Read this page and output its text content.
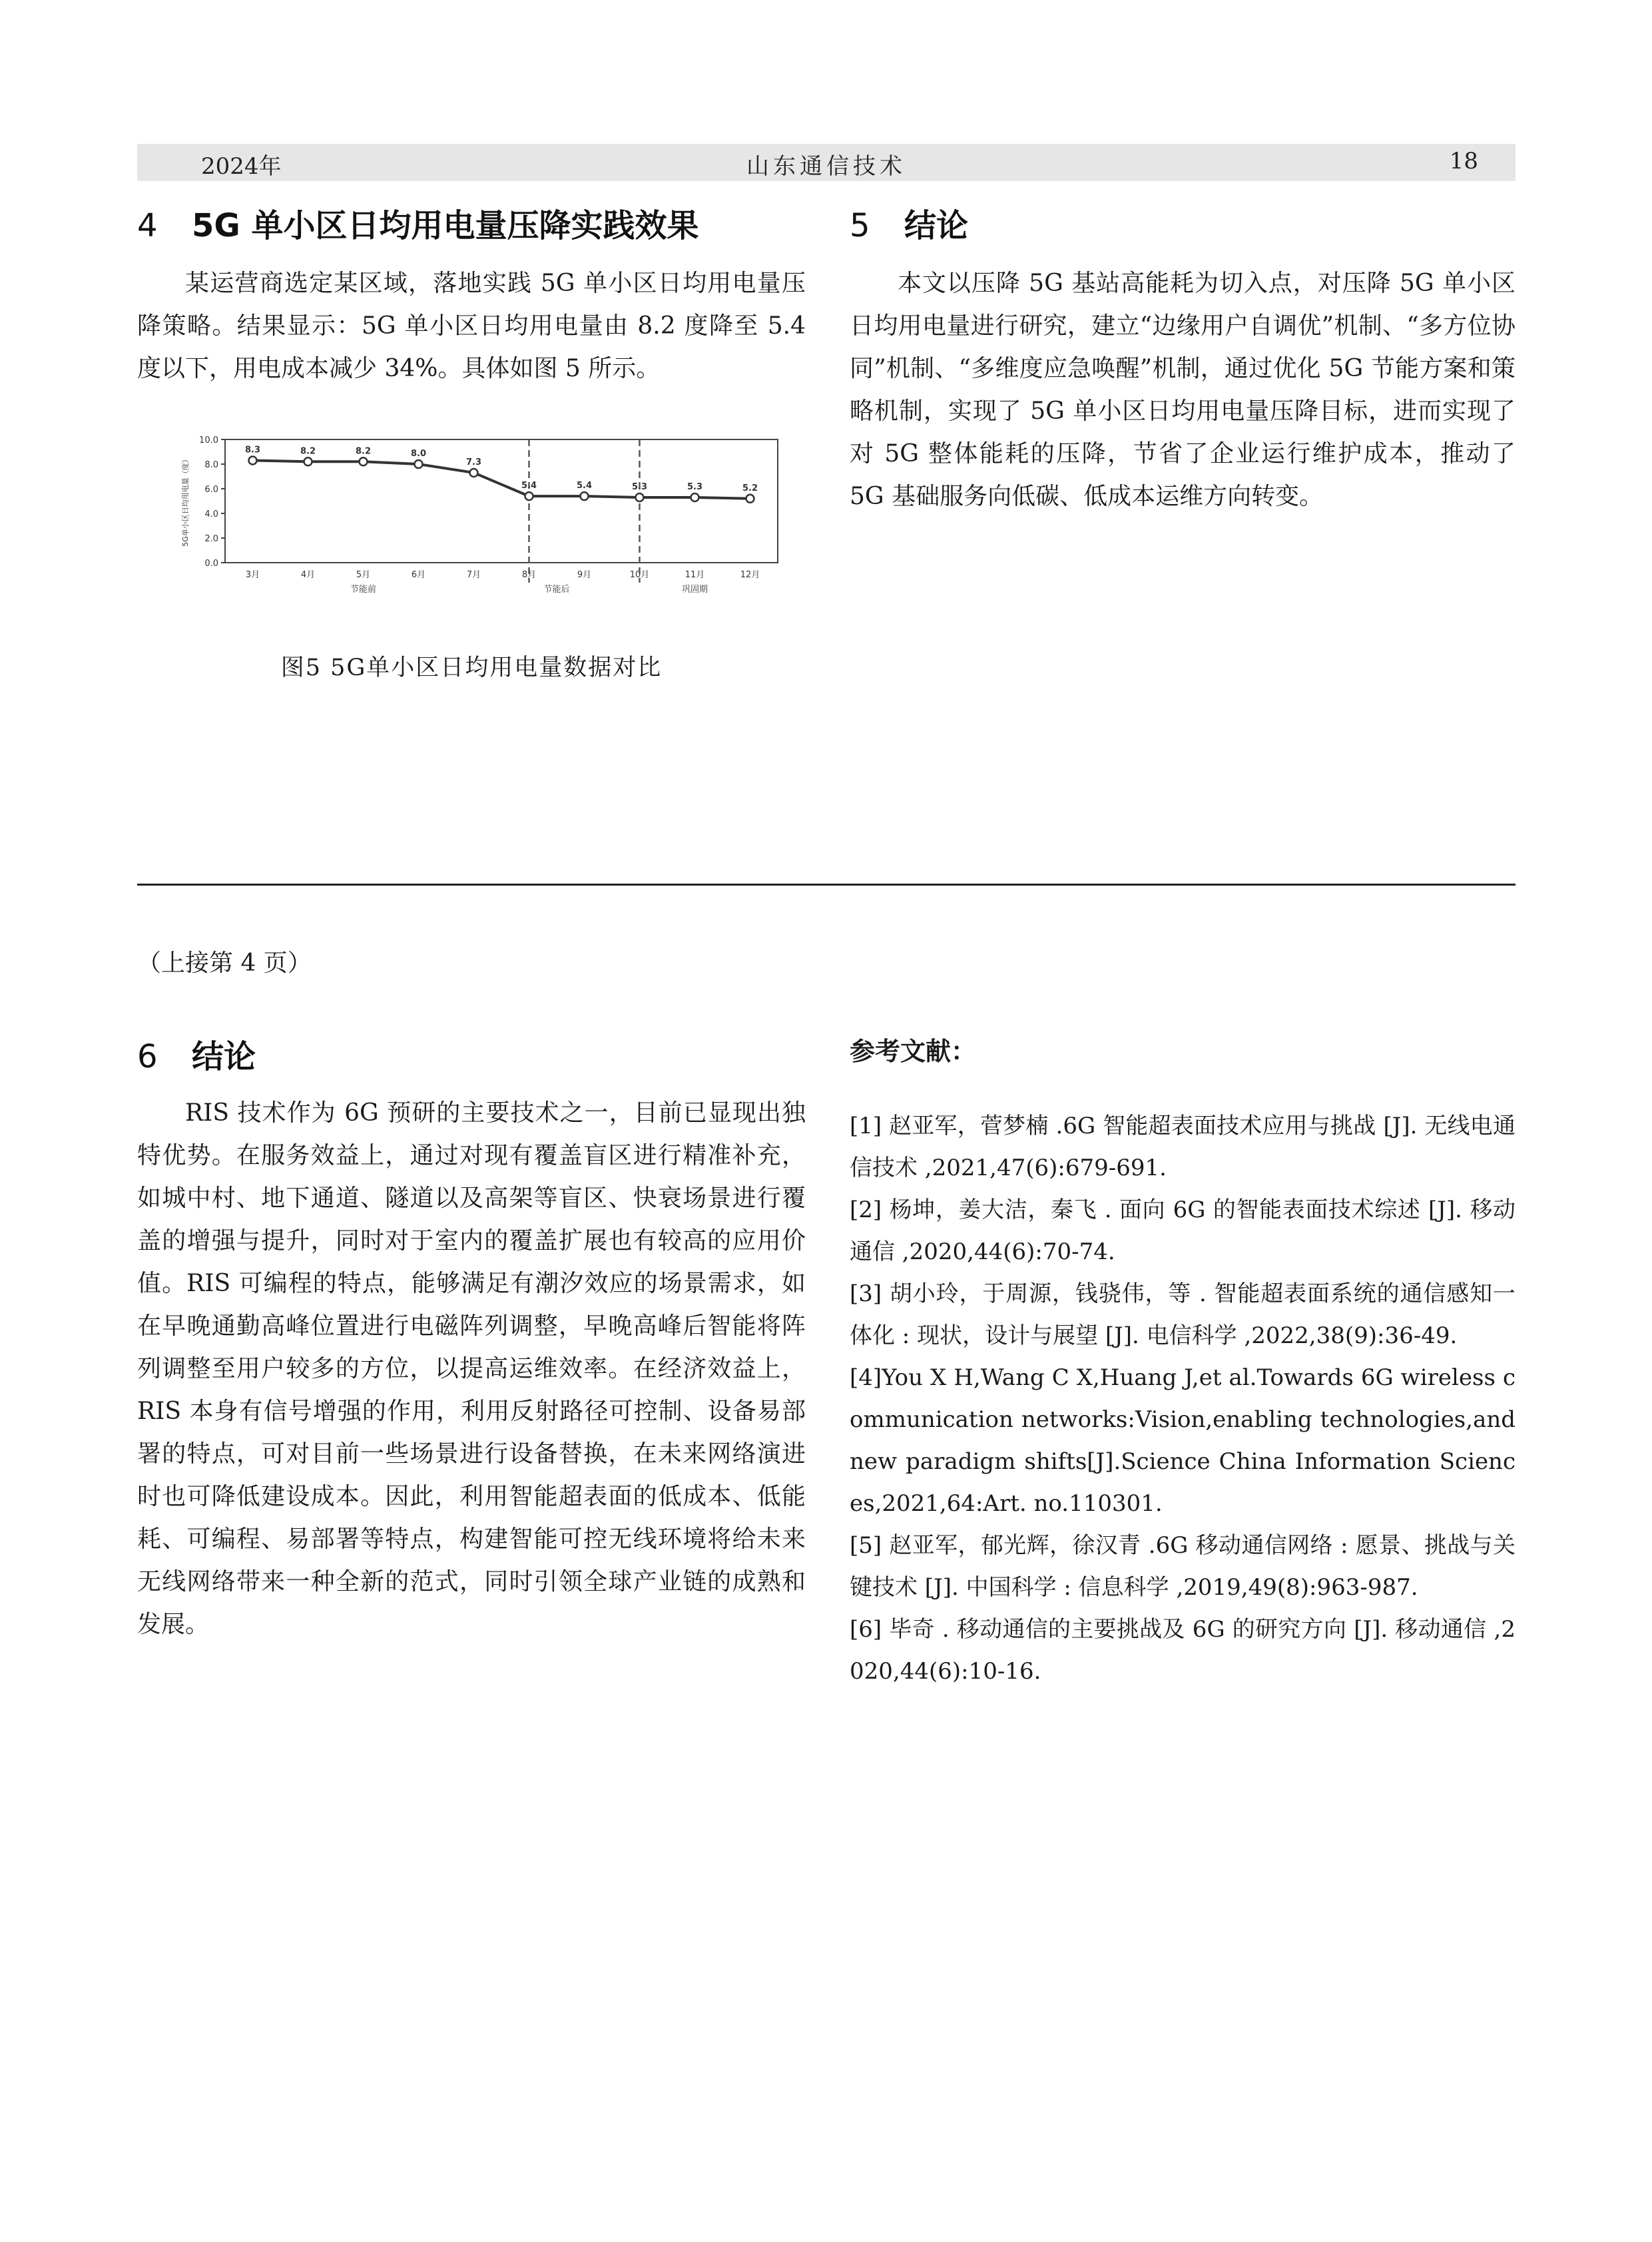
2024年	山东通信技术	18
4 5G 单小区日均用电量压降实践效果

某运营商选定某区域，落地实践 5G 单小区日均用电量压降策略。结果显示：5G 单小区日均用电量由 8.2 度降至 5.4 度以下，用电成本减少 34%。具体如图 5 所示。

10.0
8.0
6.0
4.0
2.0
0.0
5G单小区日均用电量（度）
3月	4月	5月	6月	7月	8月	9月	10月	11月	12月
节能前	节能后	巩固期
8.3	8.2	8.2	8.0
7.3
5.4	5.4	5.3	5.3	5.2
图5 5G单小区日均用电量数据对比
5 结论

本文以压降 5G 基站高能耗为切入点，对压降 5G 单小区日均用电量进行研究，建立“边缘用户自调优”机制、“多方位协同”机制、“多维度应急唤醒”机制，通过优化 5G 节能方案和策略机制，实现了 5G 单小区日均用电量压降目标，进而实现了对 5G 整体能耗的压降，节省了企业运行维护成本，推动了 5G 基础服务向低碳、低成本运维方向转变。

（上接第 4 页）
6 结论

RIS 技术作为 6G 预研的主要技术之一，目前已显现出独特优势。在服务效益上，通过对现有覆盖盲区进行精准补充，如城中村、地下通道、隧道以及高架等盲区、快衰场景进行覆盖的增强与提升，同时对于室内的覆盖扩展也有较高的应用价值。RIS 可编程的特点，能够满足有潮汐效应的场景需求，如在早晚通勤高峰位置进行电磁阵列调整，早晚高峰后智能将阵列调整至用户较多的方位，以提高运维效率。在经济效益上，RIS 本身有信号增强的作用，利用反射路径可控制、设备易部署的特点，可对目前一些场景进行设备替换，在未来网络演进时也可降低建设成本。因此，利用智能超表面的低成本、低能耗、可编程、易部署等特点，构建智能可控无线环境将给未来无线网络带来一种全新的范式，同时引领全球产业链的成熟和发展。

参考文献：
[1] 赵亚军，菅梦楠 .6G 智能超表面技术应用与挑战 [J]. 无线电通信技术 ,2021,47(6):679-691.
[2] 杨坤，姜大洁，秦飞 . 面向 6G 的智能表面技术综述 [J]. 移动通信 ,2020,44(6):70-74.
[3] 胡小玲，于周源，钱骁伟，等 . 智能超表面系统的通信感知一体化 : 现状，设计与展望 [J]. 电信科学 ,2022,38(9):36-49.
[4]You X H,Wang C X,Huang J,et al.Towards 6G wireless communication networks:Vision,enabling technologies,and new paradigm shifts[J].Science China Information Sciences,2021,64:Art. no.110301.
[5] 赵亚军，郁光辉，徐汉青 .6G 移动通信网络 : 愿景、挑战与关键技术 [J]. 中国科学 : 信息科学 ,2019,49(8):963-987.
[6] 毕奇 . 移动通信的主要挑战及 6G 的研究方向 [J]. 移动通信 ,2020,44(6):10-16.
